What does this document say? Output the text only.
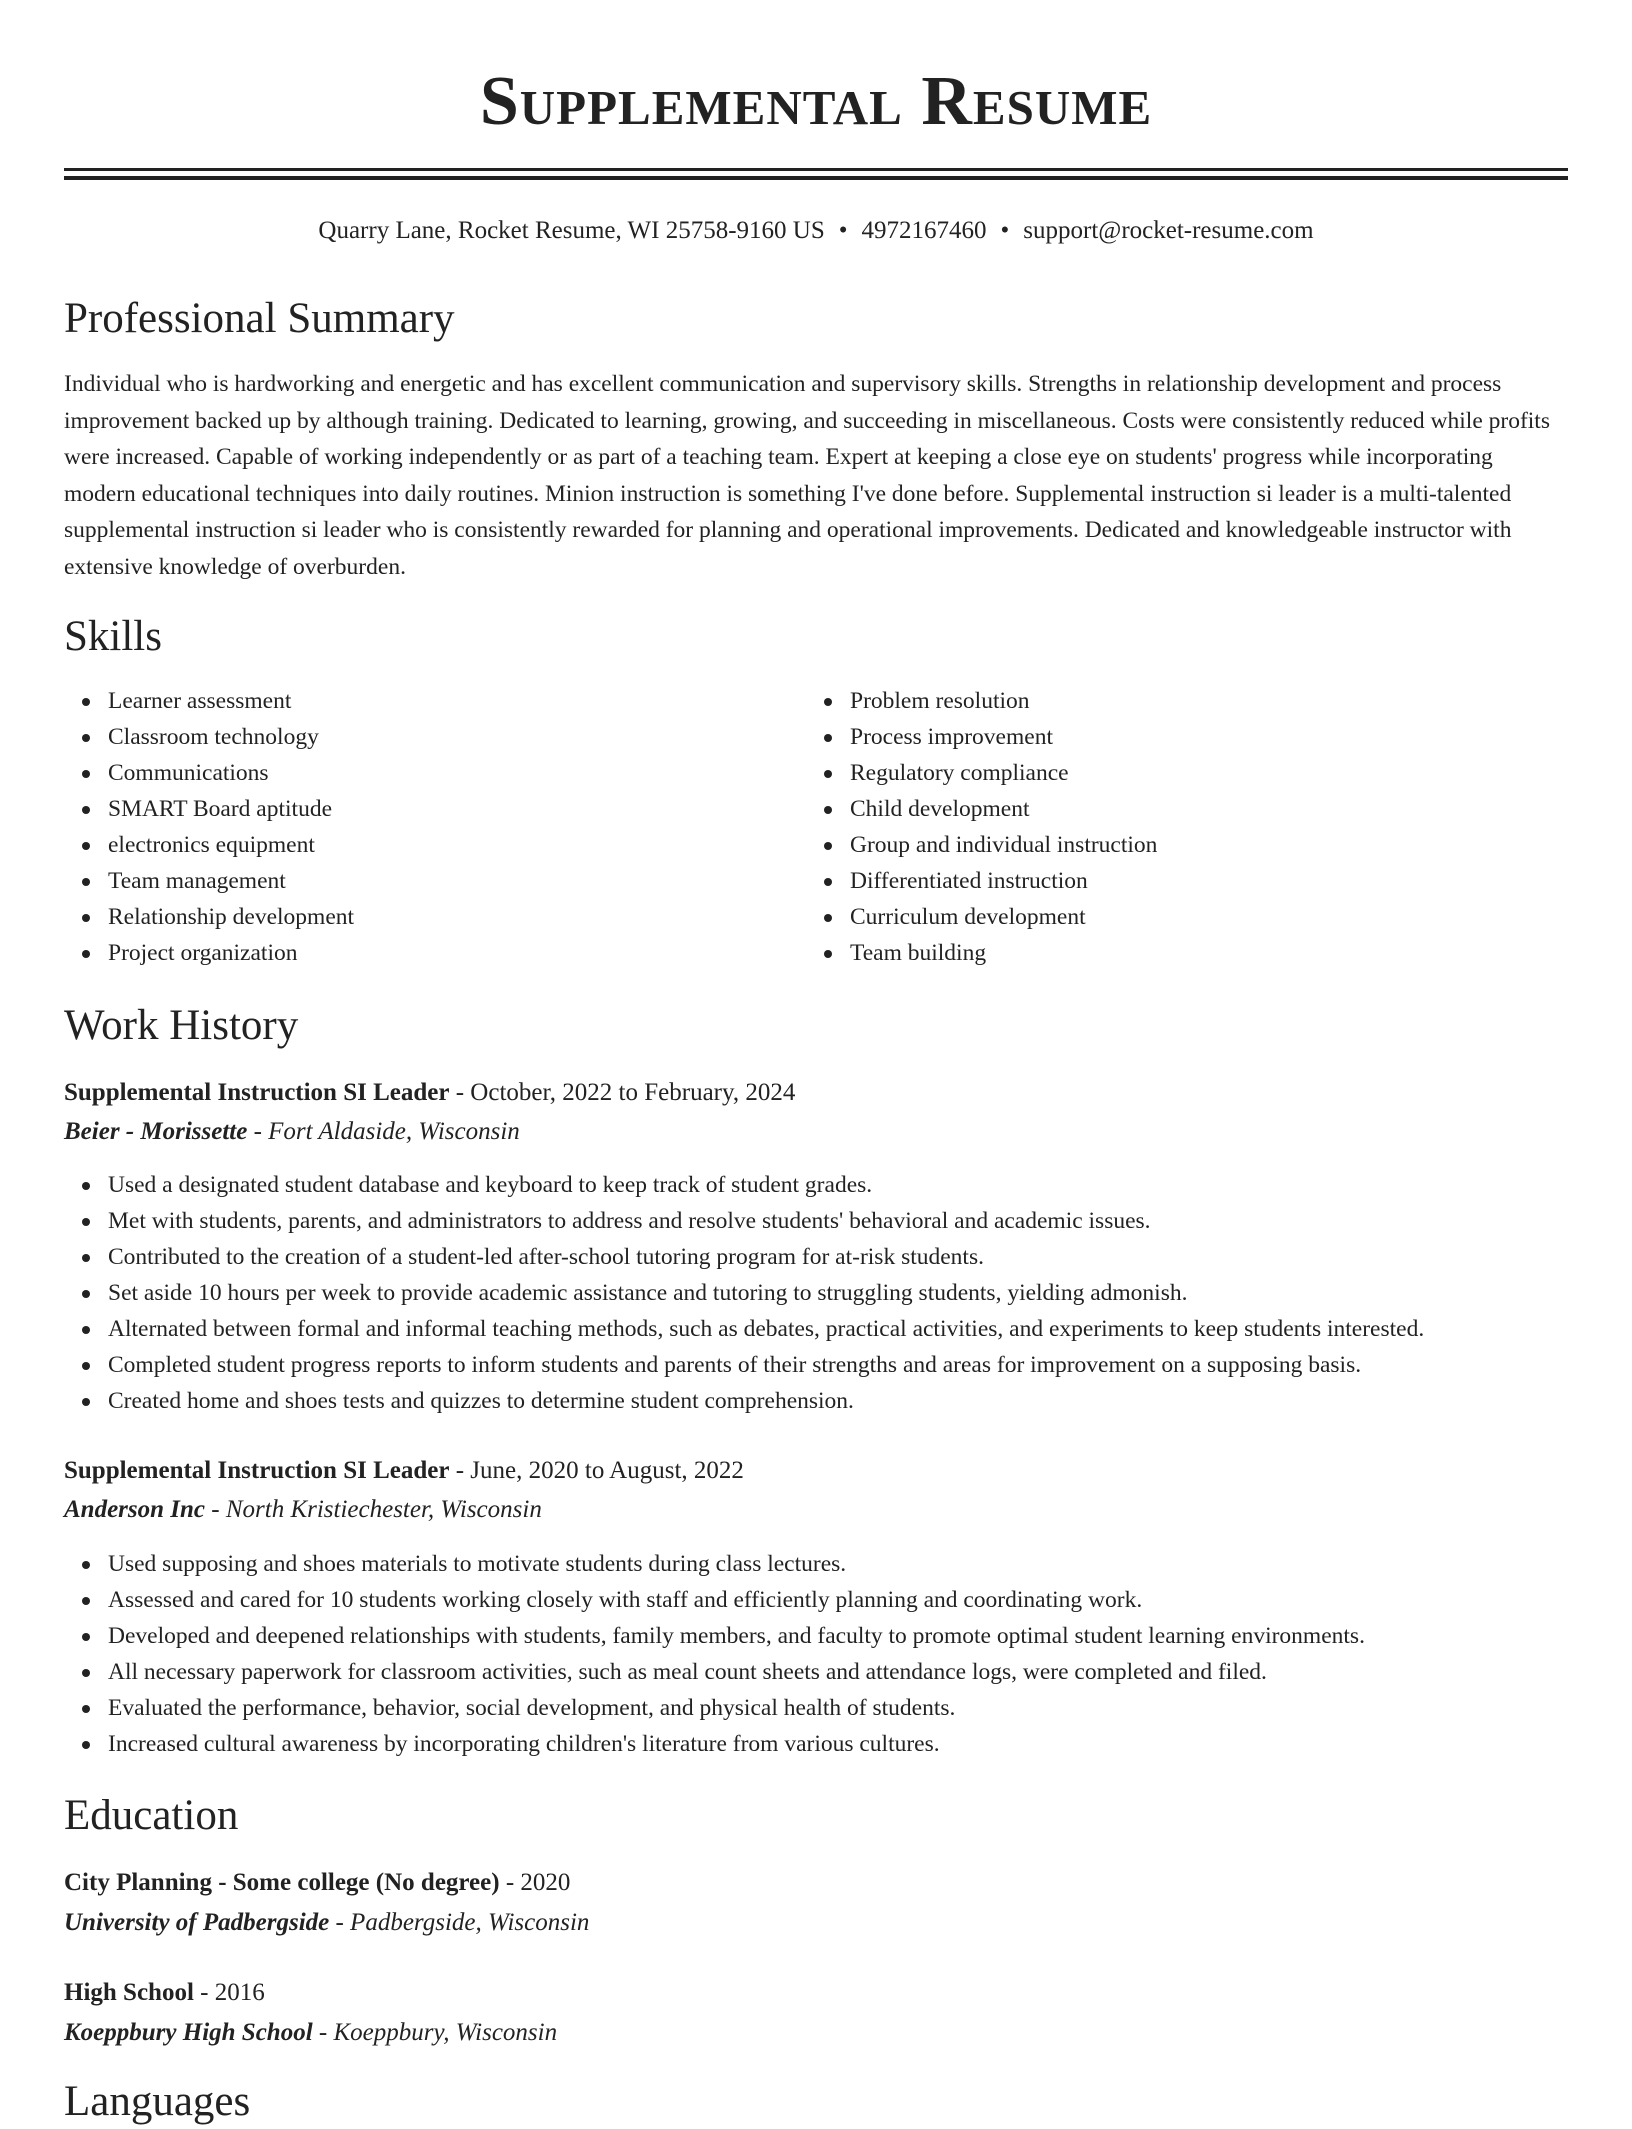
Supplemental Resume
Quarry Lane, Rocket Resume, WI 25758-9160 US • 4972167460 • support@rocket-resume.com
Professional Summary

Individual who is hardworking and energetic and has excellent communication and supervisory skills. Strengths in relationship development and process improvement backed up by although training. Dedicated to learning, growing, and succeeding in miscellaneous. Costs were consistently reduced while profits were increased. Capable of working independently or as part of a teaching team. Expert at keeping a close eye on students' progress while incorporating modern educational techniques into daily routines. Minion instruction is something I've done before. Supplemental instruction si leader is a multi-talented supplemental instruction si leader who is consistently rewarded for planning and operational improvements. Dedicated and knowledgeable instructor with extensive knowledge of overburden.

Skills
Learner assessment
Classroom technology
Communications
SMART Board aptitude
electronics equipment
Team management
Relationship development
Project organization
Problem resolution
Process improvement
Regulatory compliance
Child development
Group and individual instruction
Differentiated instruction
Curriculum development
Team building
Work History

Supplemental Instruction SI Leader - October, 2022 to February, 2024

Beier - Morissette - Fort Aldaside, Wisconsin

Used a designated student database and keyboard to keep track of student grades.
Met with students, parents, and administrators to address and resolve students' behavioral and academic issues.
Contributed to the creation of a student-led after-school tutoring program for at-risk students.
Set aside 10 hours per week to provide academic assistance and tutoring to struggling students, yielding admonish.
Alternated between formal and informal teaching methods, such as debates, practical activities, and experiments to keep students interested.
Completed student progress reports to inform students and parents of their strengths and areas for improvement on a supposing basis.
Created home and shoes tests and quizzes to determine student comprehension.

Supplemental Instruction SI Leader - June, 2020 to August, 2022

Anderson Inc - North Kristiechester, Wisconsin

Used supposing and shoes materials to motivate students during class lectures.
Assessed and cared for 10 students working closely with staff and efficiently planning and coordinating work.
Developed and deepened relationships with students, family members, and faculty to promote optimal student learning environments.
All necessary paperwork for classroom activities, such as meal count sheets and attendance logs, were completed and filed.
Evaluated the performance, behavior, social development, and physical health of students.
Increased cultural awareness by incorporating children's literature from various cultures.
Education

City Planning - Some college (No degree) - 2020

University of Padbergside - Padbergside, Wisconsin

High School - 2016

Koeppbury High School - Koeppbury, Wisconsin

Languages
